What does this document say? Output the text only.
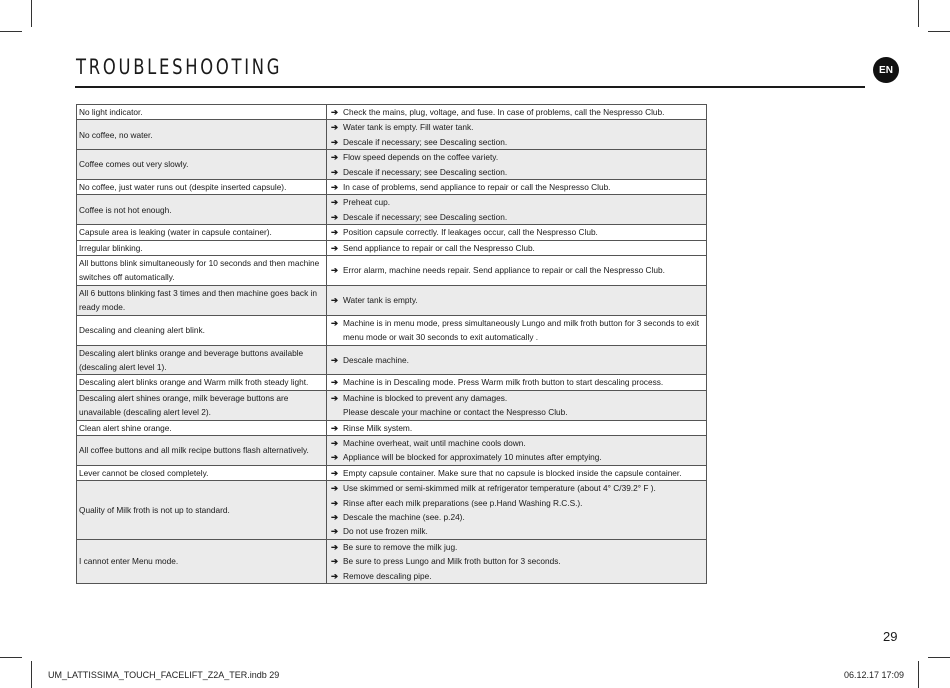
TROUBLESHOOTING	EN
No light indicator.	➔ Check the mains, plug, voltage, and fuse. In case of problems, call the Nespresso Club.

No coffee, no water.	➔ Water tank is empty. Fill water tank.
➔ Descale if necessary; see Descaling section.

Coffee comes out very slowly.	➔ Flow speed depends on the coffee variety.
➔ Descale if necessary; see Descaling section.

No coffee, just water runs out (despite inserted capsule).	➔ In case of problems, send appliance to repair or call the Nespresso Club.

Coffee is not hot enough.	➔ Preheat cup.
➔ Descale if necessary; see Descaling section.

Capsule area is leaking (water in capsule container).	➔ Position capsule correctly. If leakages occur, call the Nespresso Club.

Irregular blinking.	➔ Send appliance to repair or call the Nespresso Club.

All buttons blink simultaneously for 10 seconds and then machine switches off automatically.	➔ Error alarm, machine needs repair. Send appliance to repair or call the Nespresso Club.

All 6 buttons blinking fast 3 times and then machine goes back in ready mode.	➔ Water tank is empty.

Descaling and cleaning alert blink.	➔ Machine is in menu mode, press simultaneously Lungo and milk froth button for 3 seconds to exit
menu mode or wait 30 seconds to exit automatically .

Descaling alert blinks orange and beverage buttons available (descaling alert level 1).	➔ Descale machine.

Descaling alert blinks orange and Warm milk froth steady light.	➔ Machine is in Descaling mode. Press Warm milk froth button to start descaling process.

Descaling alert shines orange, milk beverage buttons are unavailable (descaling alert level 2).	➔ Machine is blocked to prevent any damages.
Please descale your machine or contact the Nespresso Club.

Clean alert shine orange.	➔ Rinse Milk system.

All coffee buttons and all milk recipe buttons flash alternatively.	➔ Machine overheat, wait until machine cools down.
➔ Appliance will be blocked for approximately 10 minutes after emptying.

Lever cannot be closed completely.	➔ Empty capsule container. Make sure that no capsule is blocked inside the capsule container.

Quality of Milk froth is not up to standard.	➔ Use skimmed or semi-skimmed milk at refrigerator temperature (about 4° C/39.2° F ).
➔ Rinse after each milk preparations (see p.Hand Washing R.C.S.).
➔ Descale the machine (see. p.24).
➔ Do not use frozen milk.

I cannot enter Menu mode.	➔ Be sure to remove the milk jug.
➔ Be sure to press Lungo and Milk froth button for 3 seconds.
➔ Remove descaling pipe.
29
UM_LATTISSIMA_TOUCH_FACELIFT_Z2A_TER.indb 29	06.12.17 17:09
